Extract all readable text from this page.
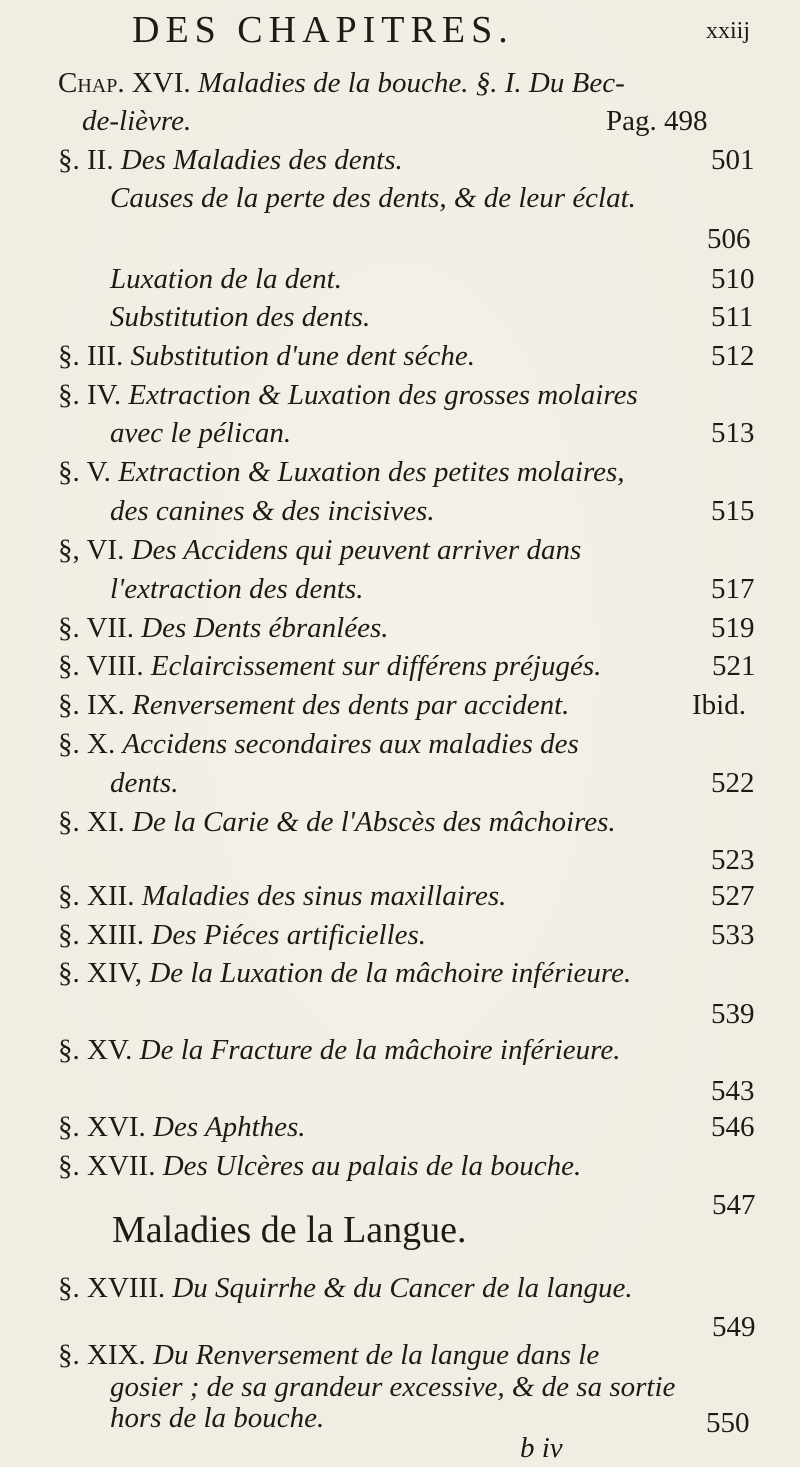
DES CHAPITRES.	xxiij
Chap. XVI. Maladies de la bouche. §. I. Du Bec-
de-lièvre.	Pag. 498
§. II. Des Maladies des dents.	501
Causes de la perte des dents, & de leur éclat.
506
Luxation de la dent.	510
Substitution des dents.	511
§. III. Substitution d'une dent séche.	512
§. IV. Extraction & Luxation des grosses molaires
avec le pélican.	513
§. V. Extraction & Luxation des petites molaires,
des canines & des incisives.	515
§, VI. Des Accidens qui peuvent arriver dans
l'extraction des dents.	517
§. VII. Des Dents ébranlées.	519
§. VIII. Eclaircissement sur différens préjugés.	521
§. IX. Renversement des dents par accident.	Ibid.
§. X. Accidens secondaires aux maladies des
dents.	522
§. XI. De la Carie & de l'Abscès des mâchoires.
523
§. XII. Maladies des sinus maxillaires.	527
§. XIII. Des Piéces artificielles.	533
§. XIV, De la Luxation de la mâchoire inférieure.
539
§. XV. De la Fracture de la mâchoire inférieure.
543
§. XVI. Des Aphthes.	546
§. XVII. Des Ulcères au palais de la bouche.
547
Maladies de la Langue.
§. XVIII. Du Squirrhe & du Cancer de la langue.
549
§. XIX. Du Renversement de la langue dans le
gosier ; de sa grandeur excessive, & de sa sortie
hors de la bouche.	550
b iv
